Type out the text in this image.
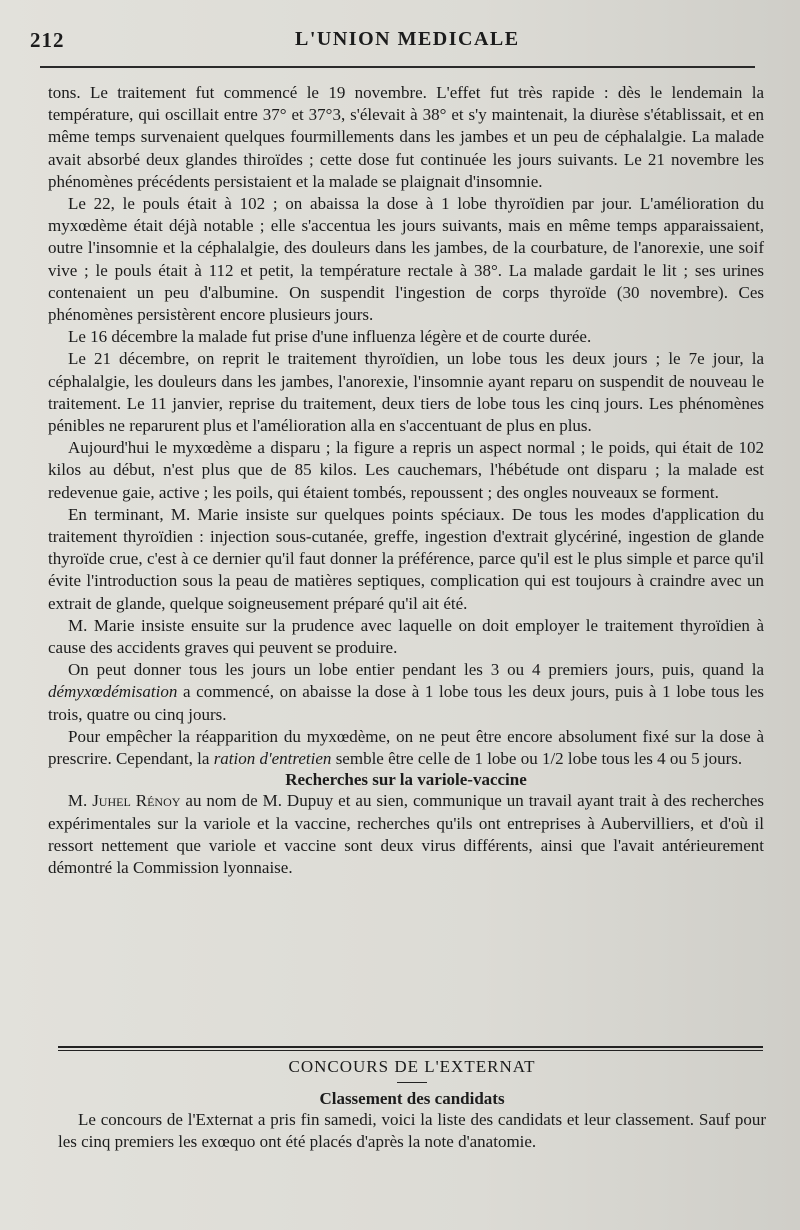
212	L'UNION MEDICALE

tons. Le traitement fut commencé le 19 novembre. L'effet fut très rapide : dès le lendemain la température, qui oscillait entre 37° et 37°3, s'élevait à 38° et s'y maintenait, la diurèse s'établissait, et en même temps survenaient quelques fourmillements dans les jambes et un peu de céphalalgie. La malade avait absorbé deux glandes thiroïdes ; cette dose fut continuée les jours suivants. Le 21 novembre les phénomènes précédents persistaient et la malade se plaignait d'insomnie.

Le 22, le pouls était à 102 ; on abaissa la dose à 1 lobe thyroïdien par jour. L'amélioration du myxœdème était déjà notable ; elle s'accentua les jours suivants, mais en même temps apparaissaient, outre l'insomnie et la céphalalgie, des douleurs dans les jambes, de la courbature, de l'anorexie, une soif vive ; le pouls était à 112 et petit, la température rectale à 38°. La malade gardait le lit ; ses urines contenaient un peu d'albumine. On suspendit l'ingestion de corps thyroïde (30 novembre). Ces phénomènes persistèrent encore plusieurs jours.

Le 16 décembre la malade fut prise d'une influenza légère et de courte durée.

Le 21 décembre, on reprit le traitement thyroïdien, un lobe tous les deux jours ; le 7e jour, la céphalalgie, les douleurs dans les jambes, l'anorexie, l'insomnie ayant reparu on suspendit de nouveau le traitement. Le 11 janvier, reprise du traitement, deux tiers de lobe tous les cinq jours. Les phénomènes pénibles ne reparurent plus et l'amélioration alla en s'accentuant de plus en plus.

Aujourd'hui le myxœdème a disparu ; la figure a repris un aspect normal ; le poids, qui était de 102 kilos au début, n'est plus que de 85 kilos. Les cauchemars, l'hébétude ont disparu ; la malade est redevenue gaie, active ; les poils, qui étaient tombés, repoussent ; des ongles nouveaux se forment.

En terminant, M. Marie insiste sur quelques points spéciaux. De tous les modes d'application du traitement thyroïdien : injection sous-cutanée, greffe, ingestion d'extrait glycériné, ingestion de glande thyroïde crue, c'est à ce dernier qu'il faut donner la préférence, parce qu'il est le plus simple et parce qu'il évite l'introduction sous la peau de matières septiques, complication qui est toujours à craindre avec un extrait de glande, quelque soigneusement préparé qu'il ait été.

M. Marie insiste ensuite sur la prudence avec laquelle on doit employer le traitement thyroïdien à cause des accidents graves qui peuvent se produire.

On peut donner tous les jours un lobe entier pendant les 3 ou 4 premiers jours, puis, quand la démyxœdémisation a commencé, on abaisse la dose à 1 lobe tous les deux jours, puis à 1 lobe tous les trois, quatre ou cinq jours.

Pour empêcher la réapparition du myxœdème, on ne peut être encore absolument fixé sur la dose à prescrire. Cependant, la ration d'entretien semble être celle de 1 lobe ou 1/2 lobe tous les 4 ou 5 jours.

Recherches sur la variole-vaccine

M. Juhel Rénoy au nom de M. Dupuy et au sien, communique un travail ayant trait à des recherches expérimentales sur la variole et la vaccine, recherches qu'ils ont entreprises à Aubervilliers, et d'où il ressort nettement que variole et vaccine sont deux virus différents, ainsi que l'avait antérieurement démontré la Commission lyonnaise.

CONCOURS DE L'EXTERNAT
Classement des candidats

Le concours de l'Externat a pris fin samedi, voici la liste des candidats et leur classement. Sauf pour les cinq premiers les exœquo ont été placés d'après la note d'anatomie.
